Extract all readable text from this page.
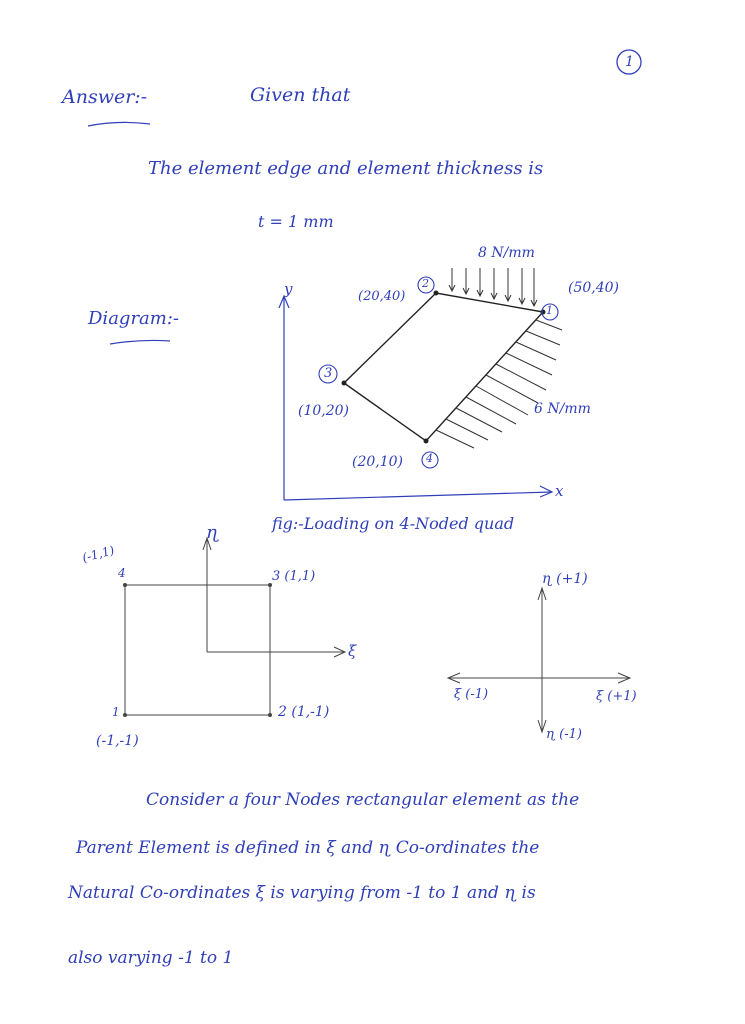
1
Answer:-	Given that
The element edge and element thickness is
t = 1 mm
Diagram:-
y
x
8 N/mm
6 N/mm
1
(50,40)
2
(20,40)
3
(10,20)
4
(20,10)
fig:-Loading on 4-Noded quad
ɳ
ξ
(-1,1)
4	3 (1,1)
1
(-1,-1)
2 (1,-1)
ɳ (+1)
ξ (-1)	ξ (+1)
ɳ (-1)
Consider a four Nodes rectangular element as the
Parent Element is defined in ξ and ɳ Co-ordinates the
Natural Co-ordinates ξ is varying from -1 to 1 and ɳ is
also varying -1 to 1
